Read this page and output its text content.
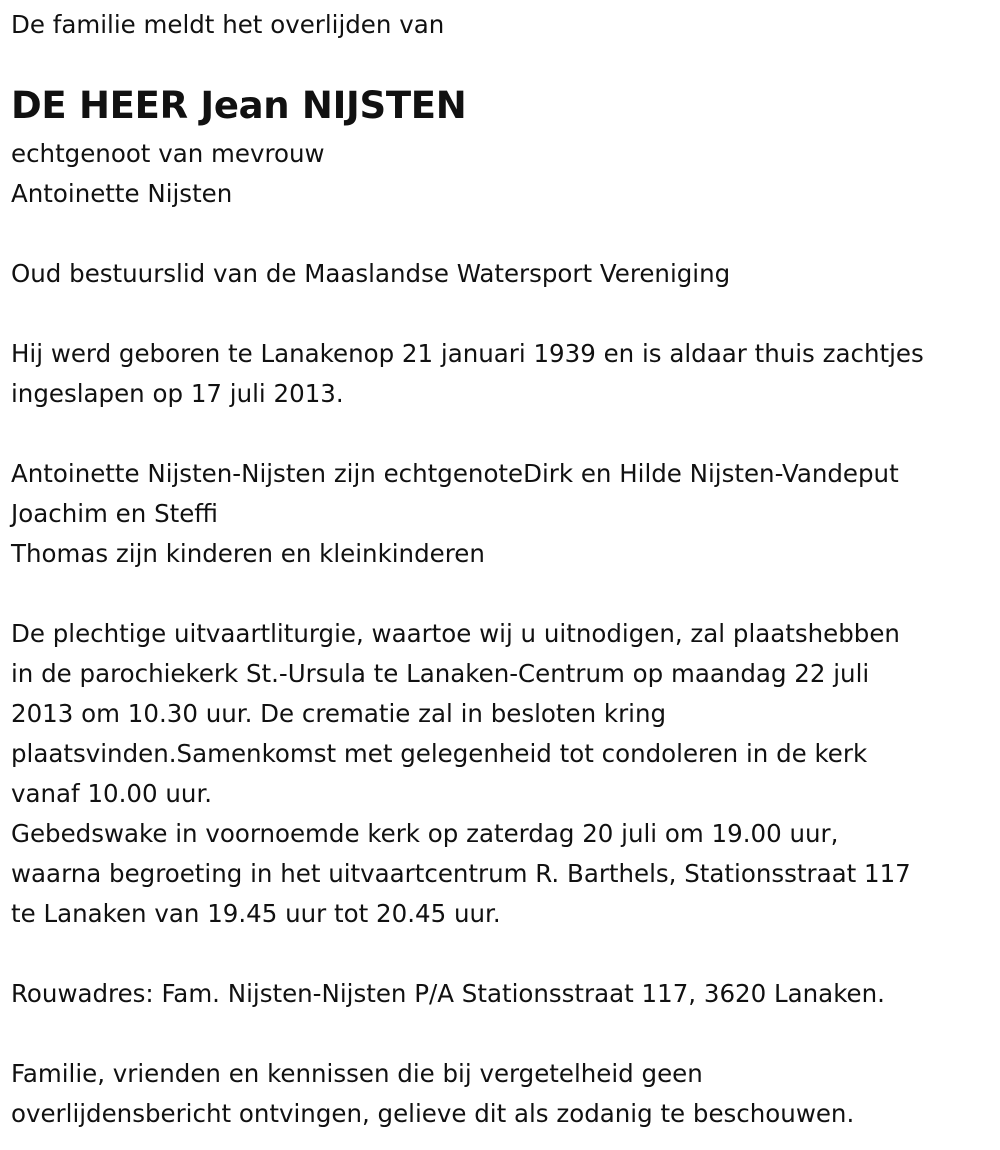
De familie meldt het overlijden van
DE HEER Jean NIJSTEN
echtgenoot van mevrouw
Antoinette Nijsten
Oud bestuurslid van de Maaslandse Watersport Vereniging
Hij werd geboren te Lanakenop 21 januari 1939 en is aldaar thuis zachtjes
ingeslapen op 17 juli 2013.
Antoinette Nijsten-Nijsten zijn echtgenoteDirk en Hilde Nijsten-Vandeput
Joachim en Steffi
Thomas zijn kinderen en kleinkinderen
De plechtige uitvaartliturgie, waartoe wij u uitnodigen, zal plaatshebben
in de parochiekerk St.-Ursula te Lanaken-Centrum op maandag 22 juli
2013 om 10.30 uur. De crematie zal in besloten kring
plaatsvinden.Samenkomst met gelegenheid tot condoleren in de kerk
vanaf 10.00 uur.
Gebedswake in voornoemde kerk op zaterdag 20 juli om 19.00 uur,
waarna begroeting in het uitvaartcentrum R. Barthels, Stationsstraat 117
te Lanaken van 19.45 uur tot 20.45 uur.
Rouwadres: Fam. Nijsten-Nijsten P/A Stationsstraat 117, 3620 Lanaken.
Familie, vrienden en kennissen die bij vergetelheid geen
overlijdensbericht ontvingen, gelieve dit als zodanig te beschouwen.
